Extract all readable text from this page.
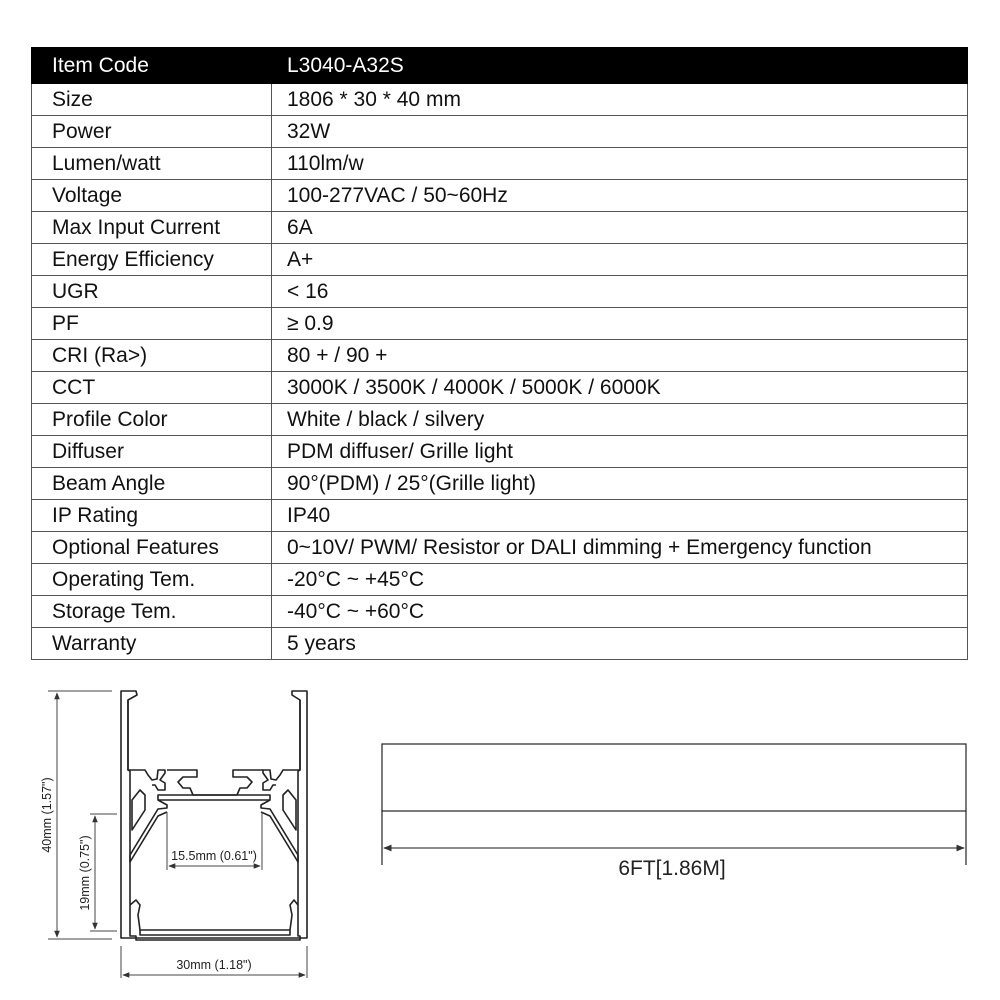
Item Code	L3040-A32S
Size	1806 * 30 * 40 mm
Power	32W
Lumen/watt	110lm/w
Voltage	100-277VAC / 50~60Hz
Max Input Current	6A
Energy Efficiency	A+
UGR	< 16
PF	≥ 0.9
CRI (Ra>)	80 + / 90 +
CCT	3000K / 3500K / 4000K / 5000K / 6000K
Profile Color	White / black / silvery
Diffuser	PDM diffuser/ Grille light
Beam Angle	90°(PDM) / 25°(Grille light)
IP Rating	IP40
Optional Features	0~10V/ PWM/ Resistor or DALI dimming + Emergency function
Operating Tem.	-20°C ~ +45°C
Storage Tem.	-40°C ~ +60°C
Warranty	5 years
40mm (1.57")
19mm (0.75")	15.5mm (0.61")
30mm (1.18")
6FT[1.86M]
